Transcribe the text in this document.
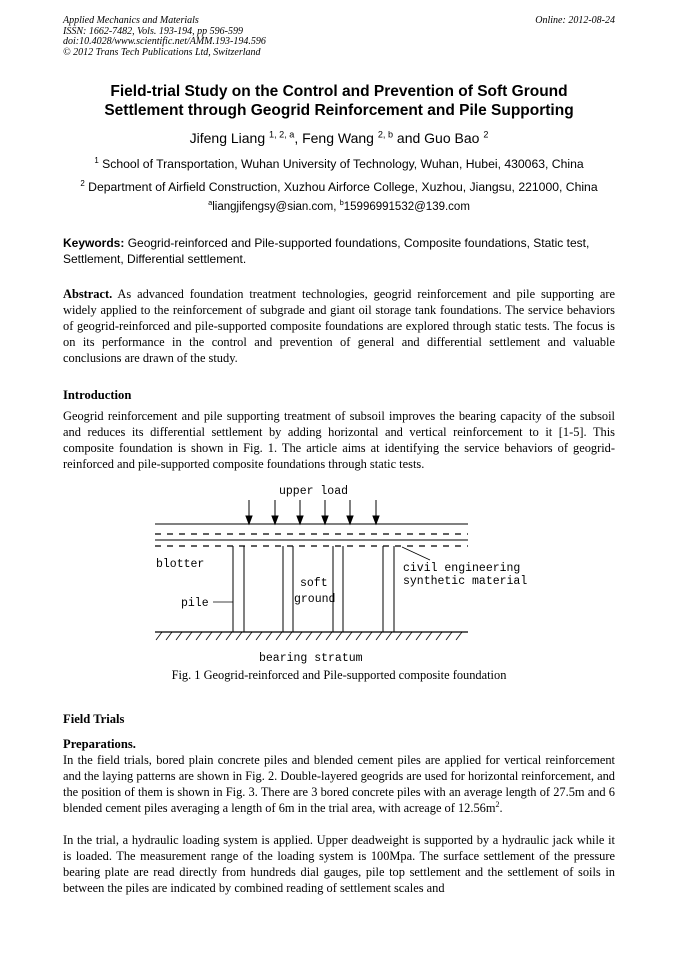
Applied Mechanics and Materials
ISSN: 1662-7482, Vols. 193-194, pp 596-599
doi:10.4028/www.scientific.net/AMM.193-194.596
© 2012 Trans Tech Publications Ltd, Switzerland
Online: 2012-08-24
Field-trial Study on the Control and Prevention of Soft Ground
Settlement through Geogrid Reinforcement and Pile Supporting
Jifeng Liang $^{1, 2, a}$, Feng Wang $^{2, b}$ and Guo Bao $^2$
$^1$ School of Transportation, Wuhan University of Technology, Wuhan, Hubei, 430063, China
$^2$ Department of Airfield Construction, Xuzhou Airforce College, Xuzhou, Jiangsu, 221000, China
$^a$liangjifengsy@sian.com, $^b$15996991532@139.com
Keywords: Geogrid-reinforced and Pile-supported foundations, Composite foundations, Static test, Settlement, Differential settlement.
Abstract. As advanced foundation treatment technologies, geogrid reinforcement and pile supporting are widely applied to the reinforcement of subgrade and giant oil storage tank foundations. The service behaviors of geogrid-reinforced and pile-supported composite foundations are explored through static tests. The focus is on its performance in the control and prevention of general and differential settlement and valuable conclusions are drawn of the study.
Introduction
Geogrid reinforcement and pile supporting treatment of subsoil improves the bearing capacity of the subsoil and reduces its differential settlement by adding horizontal and vertical reinforcement to it [1-5]. This composite foundation is shown in Fig. 1. The article aims at identifying the service behaviors of geogrid-reinforced and pile-supported composite foundations through static tests.
upper load
blotter	civil engineering
synthetic material
soft
ground
pile
bearing stratum
Fig. 1 Geogrid-reinforced and Pile-supported composite foundation
Field Trials
Preparations.
In the field trials, bored plain concrete piles and blended cement piles are applied for vertical reinforcement and the laying patterns are shown in Fig. 2. Double-layered geogrids are used for horizontal reinforcement, and the position of them is shown in Fig. 3. There are 3 bored concrete piles with an average length of 27.5m and 6 blended cement piles averaging a length of 6m in the trial area, with acreage of $12.56m^2$.
In the trial, a hydraulic loading system is applied. Upper deadweight is supported by a hydraulic jack while it is loaded. The measurement range of the loading system is 100Mpa. The surface settlement of the pressure bearing plate are read directly from hundreds dial gauges, pile top settlement and the settlement of soils in between the piles are indicated by combined reading of settlement scales and
